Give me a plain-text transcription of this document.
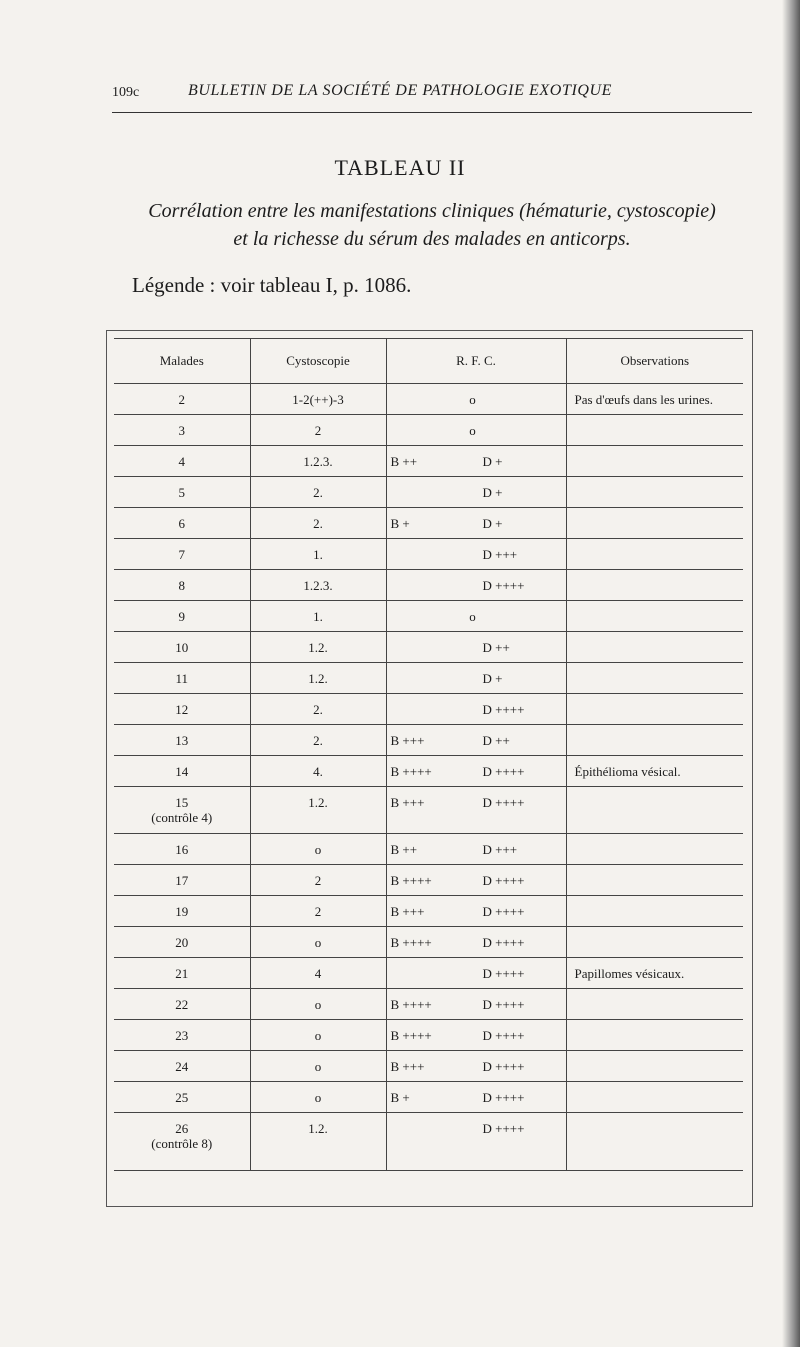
109c	BULLETIN DE LA SOCIÉTÉ DE PATHOLOGIE EXOTIQUE
TABLEAU II
Corrélation entre les manifestations cliniques (hématurie, cystoscopie)
et la richesse du sérum des malades en anticorps.
Légende : voir tableau I, p. 1086.
Malades	Cystoscopie	R. F. C.	Observations

2	1-2(++)-3	o	Pas d'œufs dans les urines.

3	2	o	

4	1.2.3.	B ++ D +	

5	2.	D +	

6	2.	B + D +	

7	1.	D +++	

8	1.2.3.	D ++++	

9	1.	o	

10	1.2.	D ++	

11	1.2.	D +	

12	2.	D ++++	

13	2.	B +++ D ++	

14	4.	B ++++ D ++++	Épithélioma vésical.

15
(contrôle 4)	1.2.	B +++ D ++++	

16	o	B ++ D +++	

17	2	B ++++ D ++++	

19	2	B +++ D ++++	

20	o	B ++++ D ++++	

21	4	D ++++	Papillomes vésicaux.

22	o	B ++++ D ++++	

23	o	B ++++ D ++++	

24	o	B +++ D ++++	

25	o	B + D ++++	

26
(contrôle 8)	1.2.	D ++++	
